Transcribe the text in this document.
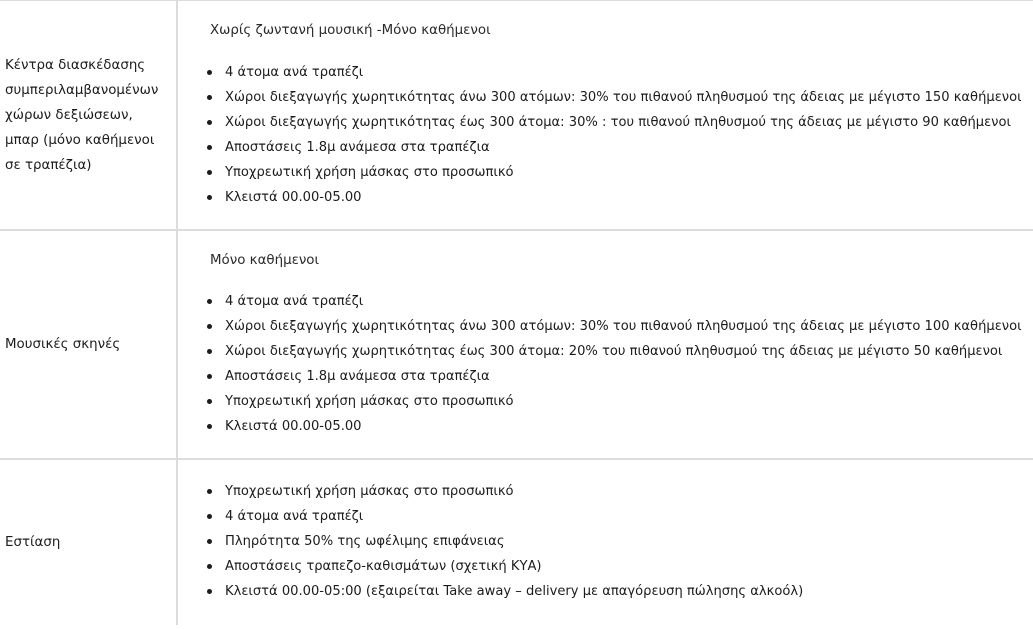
Κέντρα διασκέδασης συμπεριλαμβανομένων χώρων δεξιώσεων, μπαρ (μόνο καθήμενοι σε τραπέζια)
Χωρίς ζωντανή μουσική -Μόνο καθήμενοι
4 άτομα ανά τραπέζι
Χώροι διεξαγωγής χωρητικότητας άνω 300 ατόμων: 30% του πιθανού πληθυσμού της άδειας με μέγιστο 150 καθήμενοι
Χώροι διεξαγωγής χωρητικότητας έως 300 άτομα: 30% : του πιθανού πληθυσμού της άδειας με μέγιστο 90 καθήμενοι
Αποστάσεις 1.8μ ανάμεσα στα τραπέζια
Υποχρεωτική χρήση μάσκας στο προσωπικό
Κλειστά 00.00-05.00
Μουσικές σκηνές
Μόνο καθήμενοι
4 άτομα ανά τραπέζι
Χώροι διεξαγωγής χωρητικότητας άνω 300 ατόμων: 30% του πιθανού πληθυσμού της άδειας με μέγιστο 100 καθήμενοι
Χώροι διεξαγωγής χωρητικότητας έως 300 άτομα: 20% του πιθανού πληθυσμού της άδειας με μέγιστο 50 καθήμενοι
Αποστάσεις 1.8μ ανάμεσα στα τραπέζια
Υποχρεωτική χρήση μάσκας στο προσωπικό
Κλειστά 00.00-05.00
Εστίαση
Υποχρεωτική χρήση μάσκας στο προσωπικό
4 άτομα ανά τραπέζι
Πληρότητα 50% της ωφέλιμης επιφάνειας
Αποστάσεις τραπεζο-καθισμάτων (σχετική ΚΥΑ)
Κλειστά 00.00-05:00 (εξαιρείται Take away – delivery με απαγόρευση πώλησης αλκοόλ)
